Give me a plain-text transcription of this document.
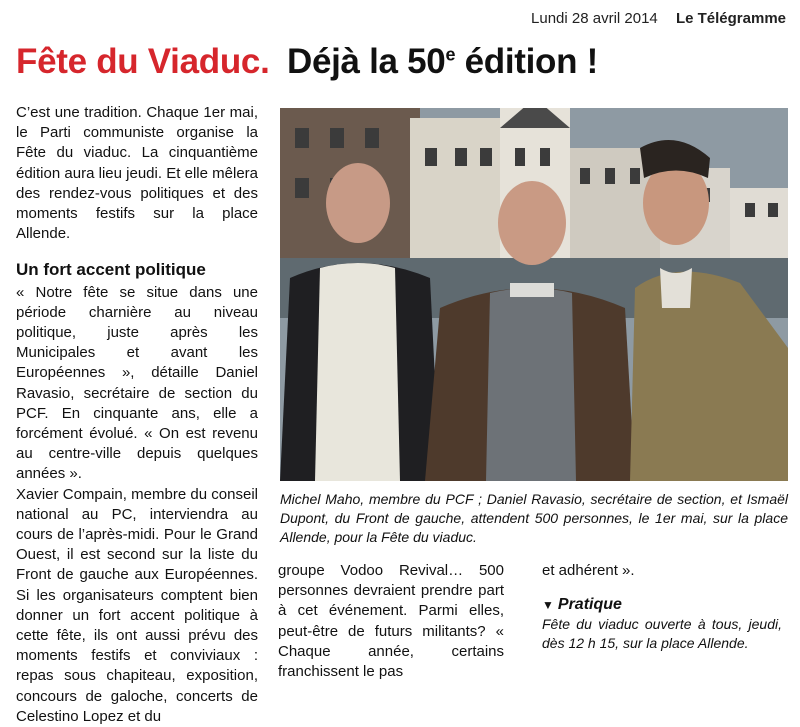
Lundi 28 avril 2014 Le Télégramme
Fête du Viaduc. Déjà la 50e édition !

C’est une tradition. Chaque 1er mai, le Parti communiste organise la Fête du viaduc. La cinquantième édition aura lieu jeudi. Et elle mêlera des rendez-vous politiques et des moments festifs sur la place Allende.

Un fort accent politique

« Notre fête se situe dans une période charnière au niveau politique, juste après les Municipales et avant les Européennes », détaille Daniel Ravasio, secrétaire de section du PCF. En cinquante ans, elle a forcément évolué. « On est revenu au centre-ville depuis quelques années ».

Xavier Compain, membre du conseil national au PC, interviendra au cours de l’après-midi. Pour le Grand Ouest, il est second sur la liste du Front de gauche aux Européennes. Si les organisateurs comptent bien donner un fort accent politique à cette fête, ils ont aussi prévu des moments festifs et conviviaux : repas sous chapiteau, exposition, concours de galoche, concerts de Celestino Lopez et du

Michel Maho, membre du PCF ; Daniel Ravasio, secrétaire de section, et Ismaël Dupont, du Front de gauche, attendent 500 personnes, le 1er mai, sur la place Allende, pour la Fête du viaduc.

groupe Vodoo Revival… 500 personnes devraient prendre part à cet événement. Parmi elles, peut-être de futurs militants? « Chaque année, certains franchissent le pas

et adhérent ».

▼ Pratique
Fête du viaduc ouverte à tous, jeudi, dès 12 h 15, sur la place Allende.
